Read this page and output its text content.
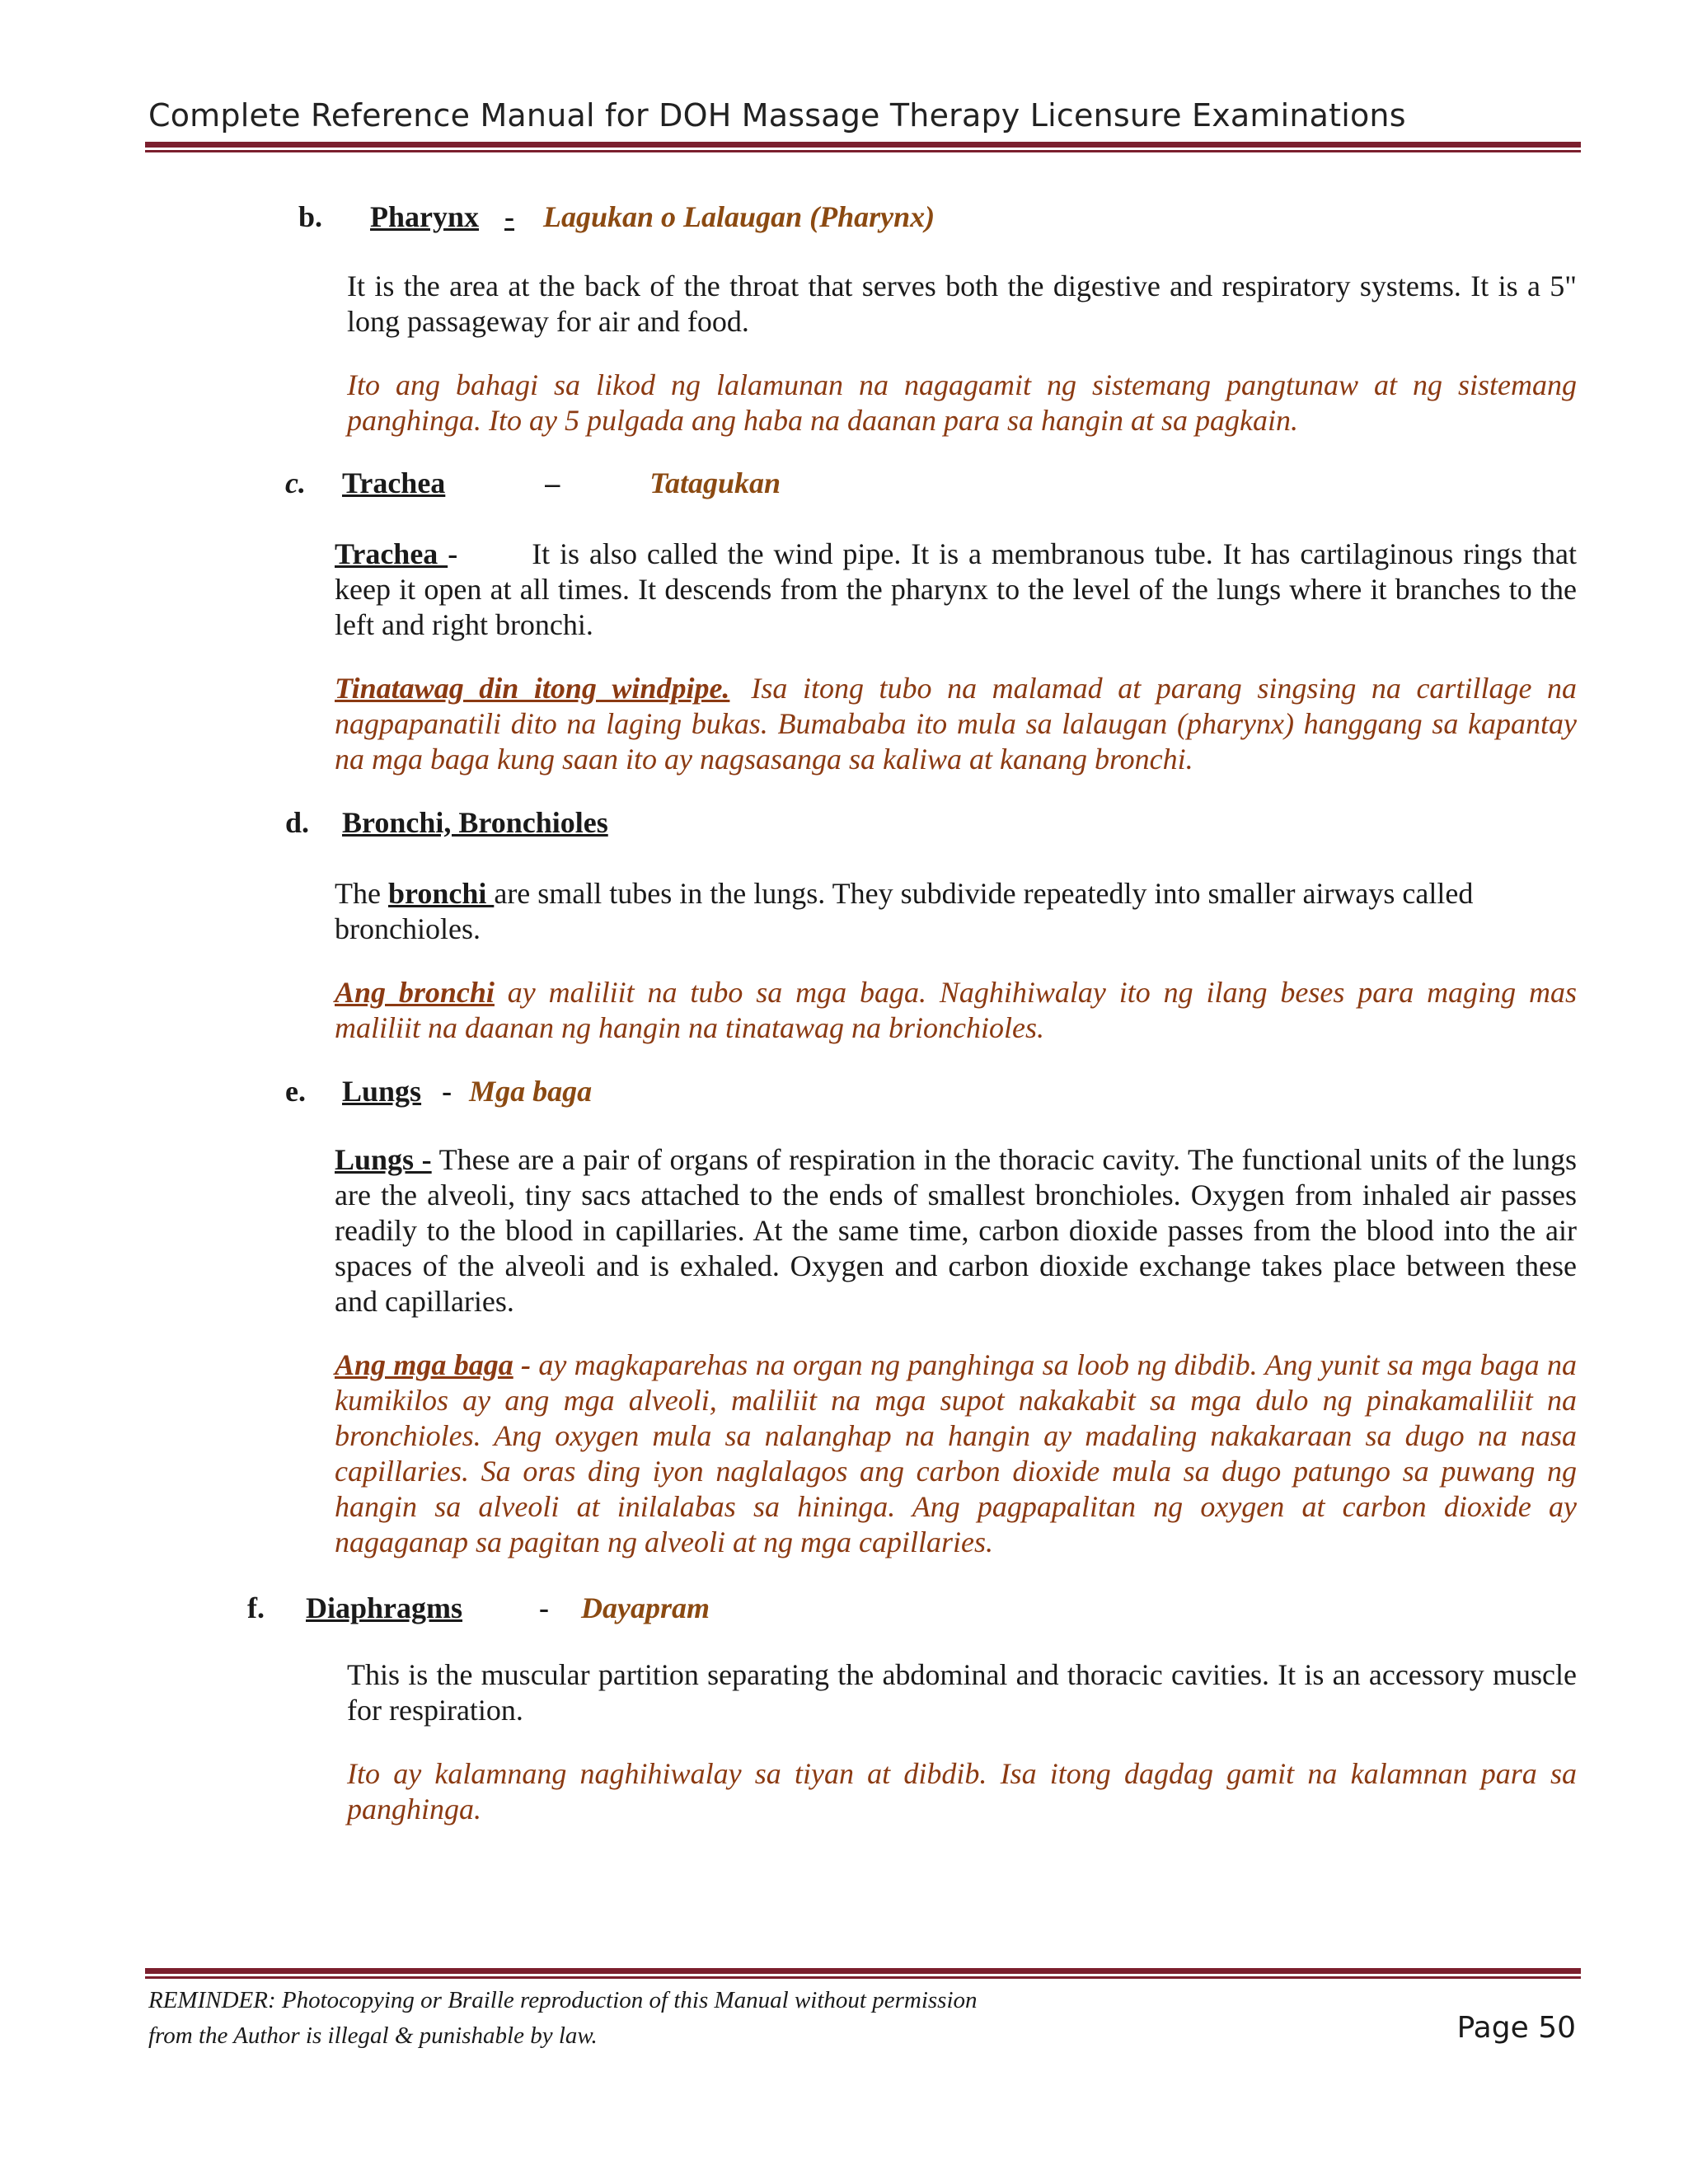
Complete Reference Manual for DOH Massage Therapy Licensure Examinations
b. Pharynx - Lagukan o Lalaugan (Pharynx)
It is the area at the back of the throat that serves both the digestive and respiratory systems. It is a 5" long passageway for air and food.
Ito ang bahagi sa likod ng lalamunan na nagagamit ng sistemang pangtunaw at ng sistemang panghinga. Ito ay 5 pulgada ang haba na daanan para sa hangin at sa pagkain.
c. Trachea	–	Tatagukan
Trachea -	It is also called the wind pipe. It is a membranous tube. It has cartilaginous rings that keep it open at all times. It descends from the pharynx to the level of the lungs where it branches to the left and right bronchi.
Tinatawag din itong windpipe. Isa itong tubo na malamad at parang singsing na cartillage na nagpapanatili dito na laging bukas. Bumababa ito mula sa lalaugan (pharynx) hanggang sa kapantay na mga baga kung saan ito ay nagsasanga sa kaliwa at kanang bronchi.
d. Bronchi, Bronchioles
The bronchi are small tubes in the lungs. They subdivide repeatedly into smaller airways called bronchioles.
Ang bronchi ay maliliit na tubo sa mga baga. Naghihiwalay ito ng ilang beses para maging mas maliliit na daanan ng hangin na tinatawag na brionchioles.
e. Lungs - Mga baga
Lungs - These are a pair of organs of respiration in the thoracic cavity. The functional units of the lungs are the alveoli, tiny sacs attached to the ends of smallest bronchioles. Oxygen from inhaled air passes readily to the blood in capillaries. At the same time, carbon dioxide passes from the blood into the air spaces of the alveoli and is exhaled. Oxygen and carbon dioxide exchange takes place between these and capillaries.
Ang mga baga - ay magkaparehas na organ ng panghinga sa loob ng dibdib. Ang yunit sa mga baga na kumikilos ay ang mga alveoli, maliliit na mga supot nakakabit sa mga dulo ng pinakamaliliit na bronchioles. Ang oxygen mula sa nalanghap na hangin ay madaling nakakaraan sa dugo na nasa capillaries. Sa oras ding iyon naglalagos ang carbon dioxide mula sa dugo patungo sa puwang ng hangin sa alveoli at inilalabas sa hininga. Ang pagpapalitan ng oxygen at carbon dioxide ay nagaganap sa pagitan ng alveoli at ng mga capillaries.
f. Diaphragms	- Dayapram
This is the muscular partition separating the abdominal and thoracic cavities. It is an accessory muscle for respiration.
Ito ay kalamnang naghihiwalay sa tiyan at dibdib. Isa itong dagdag gamit na kalamnan para sa panghinga.
REMINDER: Photocopying or Braille reproduction of this Manual without permission
from the Author is illegal & punishable by law.	Page 50
